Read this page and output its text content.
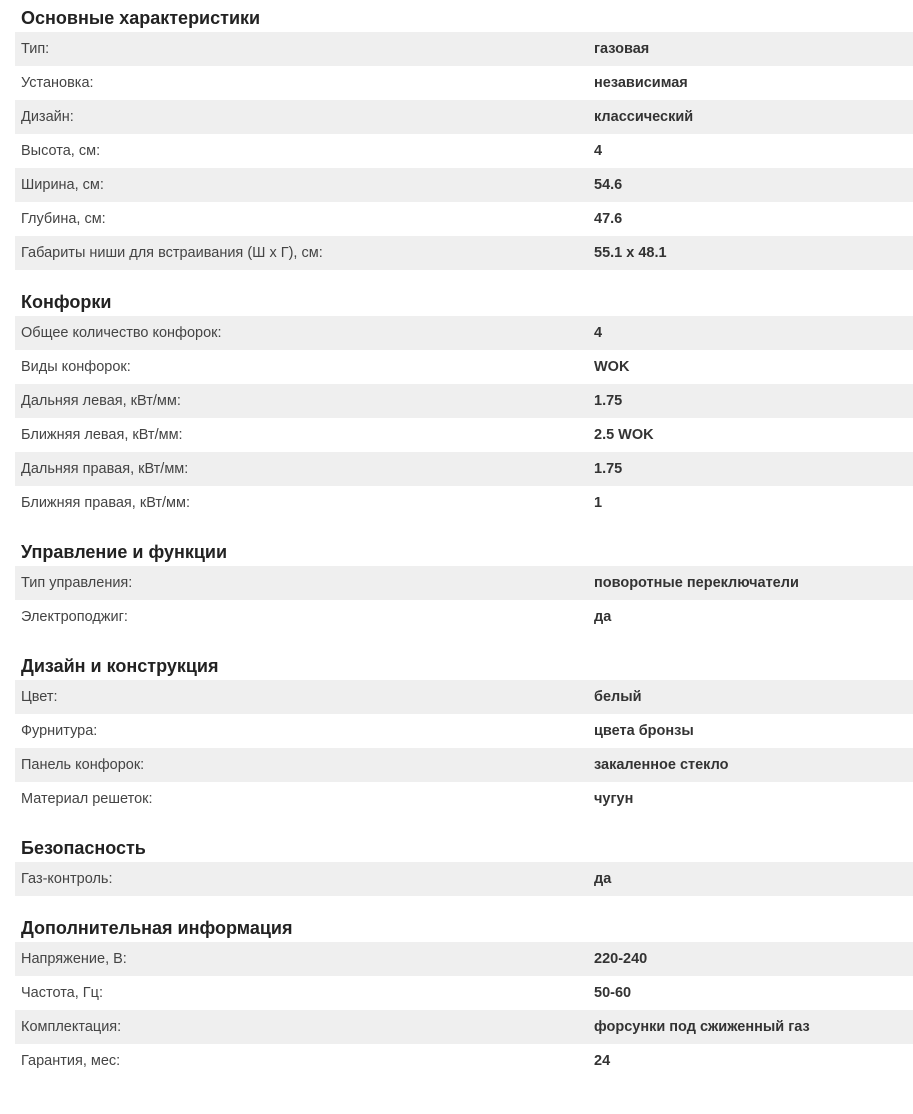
Основные характеристики
Тип:	газовая
Установка:	независимая
Дизайн:	классический
Высота, см:	4
Ширина, см:	54.6
Глубина, см:	47.6
Габариты ниши для встраивания (Ш х Г), см:	55.1 x 48.1
Конфорки
Общее количество конфорок:	4
Виды конфорок:	WOK
Дальняя левая, кВт/мм:	1.75
Ближняя левая, кВт/мм:	2.5 WOK
Дальняя правая, кВт/мм:	1.75
Ближняя правая, кВт/мм:	1
Управление и функции
Тип управления:	поворотные переключатели
Электроподжиг:	да
Дизайн и конструкция
Цвет:	белый
Фурнитура:	цвета бронзы
Панель конфорок:	закаленное стекло
Материал решеток:	чугун
Безопасность
Газ-контроль:	да
Дополнительная информация
Напряжение, В:	220-240
Частота, Гц:	50-60
Комплектация:	форсунки под сжиженный газ
Гарантия, мес:	24
